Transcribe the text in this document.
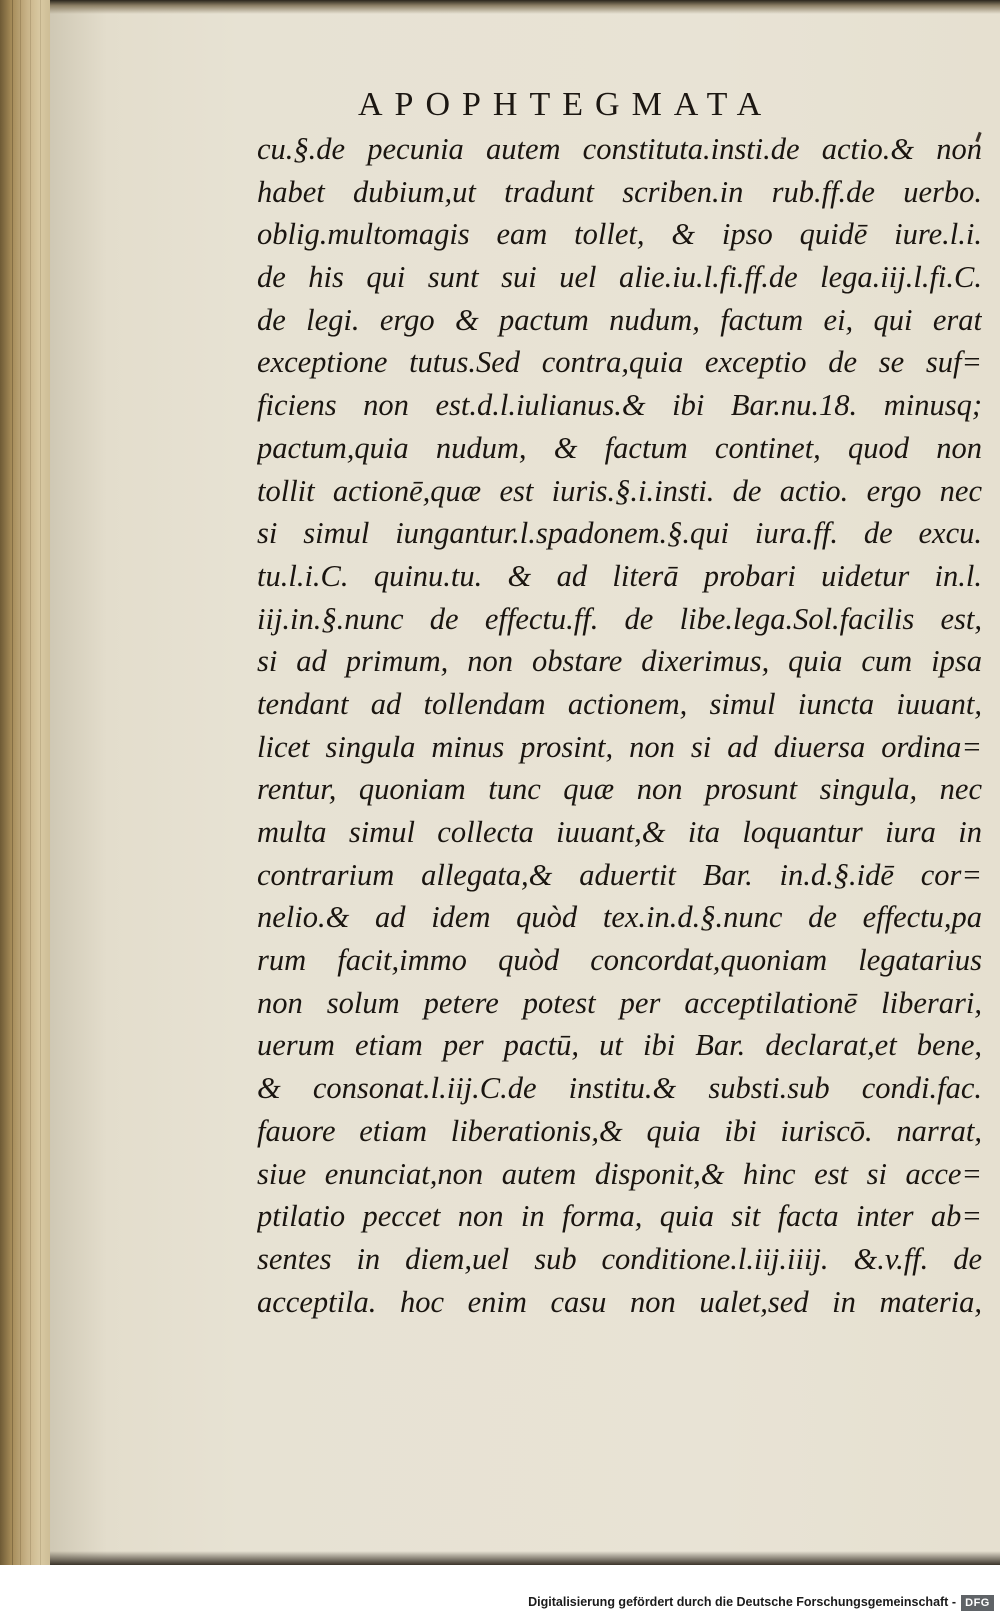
APOPHTEGMATA
cu.§.de pecunia autem constituta.insti.de actio.& non
habet dubium,ut tradunt scriben.in rub.ff.de uerbo.
oblig.multomagis eam tollet, & ipso quidē iure.l.i.
de his qui sunt sui uel alie.iu.l.fi.ff.de lega.iij.l.fi.C.
de legi. ergo & pactum nudum, factum ei, qui erat
exceptione tutus.Sed contra,quia exceptio de se suf=
ficiens non est.d.l.iulianus.& ibi Bar.nu.18. minusq;
pactum,quia nudum, & factum continet, quod non
tollit actionē,quæ est iuris.§.i.insti. de actio. ergo nec
si simul iungantur.l.spadonem.§.qui iura.ff. de excu.
tu.l.i.C. quinu.tu. & ad literā probari uidetur in.l.
iij.in.§.nunc de effectu.ff. de libe.lega.Sol.facilis est,
si ad primum, non obstare dixerimus, quia cum ipsa
tendant ad tollendam actionem, simul iuncta iuuant,
licet singula minus prosint, non si ad diuersa ordina=
rentur, quoniam tunc quæ non prosunt singula, nec
multa simul collecta iuuant,& ita loquantur iura in
contrarium allegata,& aduertit Bar. in.d.§.idē cor=
nelio.& ad idem quòd tex.in.d.§.nunc de effectu,pa
rum facit,immo quòd concordat,quoniam legatarius
non solum petere potest per acceptilationē liberari,
uerum etiam per pactū, ut ibi Bar. declarat,et bene,
& consonat.l.iij.C.de institu.& substi.sub condi.fac.
fauore etiam liberationis,& quia ibi iuriscō. narrat,
siue enunciat,non autem disponit,& hinc est si acce=
ptilatio peccet non in forma, quia sit facta inter ab=
sentes in diem,uel sub conditione.l.iij.iiij. &.v.ff. de
acceptila. hoc enim casu non ualet,sed in materia,
Digitalisierung gefördert durch die Deutsche Forschungsgemeinschaft - DFG
